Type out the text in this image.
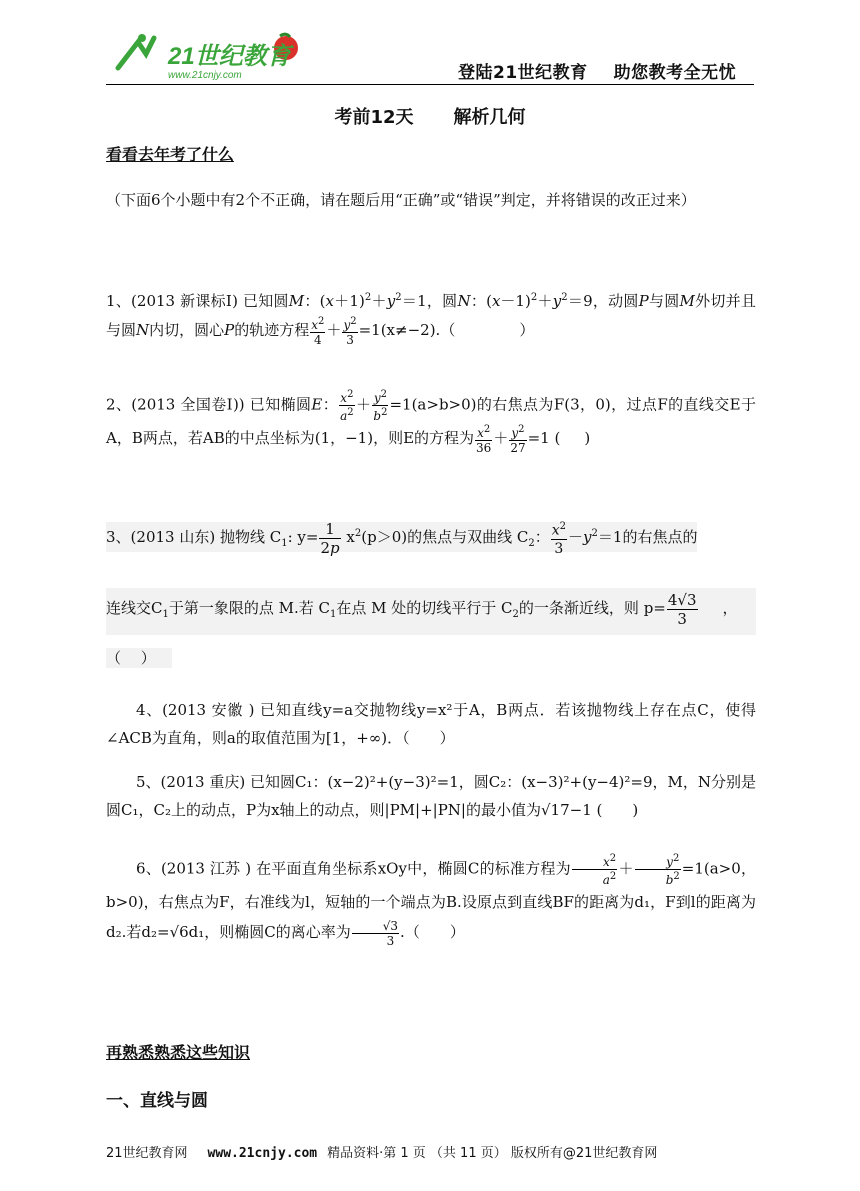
21世纪教育
www.21cnjy.com	登陆21世纪教育 助您教考全无忧
考前12天 解析几何
看看去年考了什么
（下面6个小题中有2个不正确，请在题后用“正确”或“错误”判定，并将错误的改正过来）
1、(2013 新课标Ⅰ) 已知圆M：$(x+1)^2+y^2=1$，圆N：$(x-1)^2+y^2=9$，动圆P与圆M外切并且与圆N内切，圆心P的轨迹方程 $\frac{x^2}{4} + \frac{y^2}{3} =1(x\ne-2)$.（	）
2、(2013 全国卷Ⅰ)) 已知椭圆E： $\frac{x^2}{a^2} + \frac{y^2}{b^2} =1(a>b>0)$的右焦点为F(3，0)，过点F的直线交E于A，B两点，若AB的中点坐标为(1，−1)，则E的方程为 $\frac{x^2}{36} + \frac{y^2}{27} =1$ ( )
3、(2013 山东) 抛物线 $C_1$: $y= \frac{1}{2p} x^2(p>0)$的焦点与双曲线 $C_2$： $\frac{x^2}{3} -y^2=1$的右焦点的
连线交$C_1$于第一象限的点 M.若 $C_1$在点 M 处的切线平行于 $C_2$的一条渐近线，则 $p= \frac{4√3}{3}$ ，
（　 ）
4、(2013 安徽 ) 已知直线y=a交抛物线y=x²于A，B两点．若该抛物线上存在点C，使得∠ACB为直角，则a的取值范围为[1，+∞)．（　　）
5、(2013 重庆) 已知圆C₁：(x−2)²+(y−3)²=1，圆C₂：(x−3)²+(y−4)²=9，M，N分别是圆C₁，C₂上的动点，P为x轴上的动点，则|PM|+|PN|的最小值为√17−1 (　　)
6、(2013 江苏 ) 在平面直角坐标系xOy中，椭圆C的标准方程为 $\frac{x^2}{a^2} + \frac{y^2}{b^2} =1(a>0$，b>0)，右焦点为F，右准线为l，短轴的一个端点为B.设原点到直线BF的距离为d₁，F到l的距离为d₂.若d₂=√6d₁，则椭圆C的离心率为 $\frac{√3}{3}$ .（　　）
再熟悉熟悉这些知识
一、直线与圆
21世纪教育网 www.21cnjy.com 精品资料·第 1 页 （共 11 页） 版权所有@21世纪教育网
